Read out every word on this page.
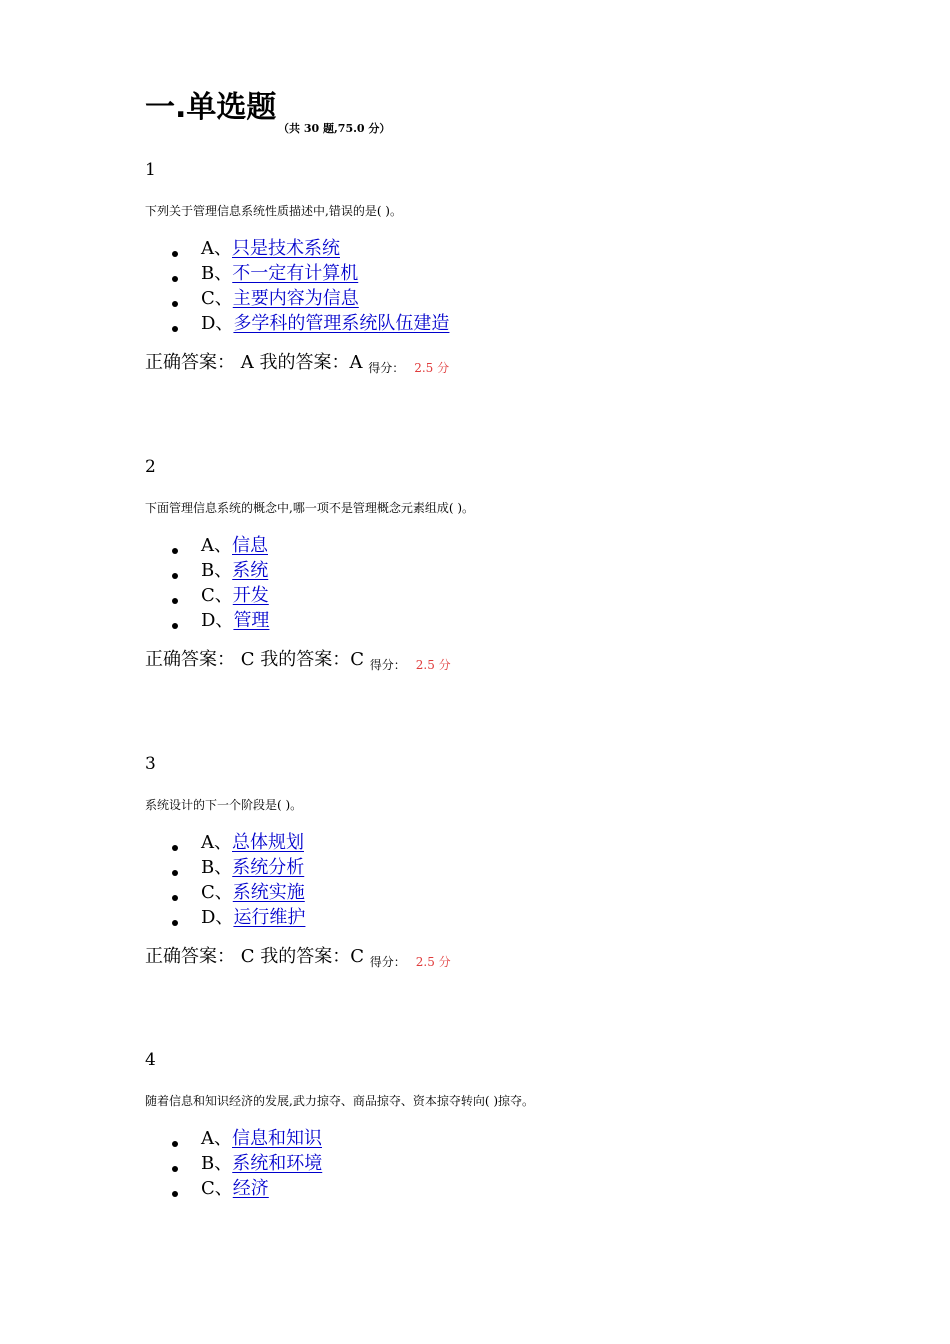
一.单选题
（共 30 题,75.0 分）
1
下列关于管理信息系统性质描述中,错误的是( )。
A、只是技术系统
B、不一定有计算机
C、主要内容为信息
D、多学科的管理系统队伍建造
正确答案： A 我的答案：A $_{得分:}$ $_{2.5 分}$
2
下面管理信息系统的概念中,哪一项不是管理概念元素组成( )。
A、信息
B、系统
C、开发
D、管理
正确答案： C 我的答案：C $_{得分:}$ $_{2.5 分}$
3
系统设计的下一个阶段是( )。
A、总体规划
B、系统分析
C、系统实施
D、运行维护
正确答案： C 我的答案：C $_{得分:}$ $_{2.5 分}$
4
随着信息和知识经济的发展,武力掠夺、商品掠夺、资本掠夺转向( )掠夺。
A、信息和知识
B、系统和环境
C、经济
